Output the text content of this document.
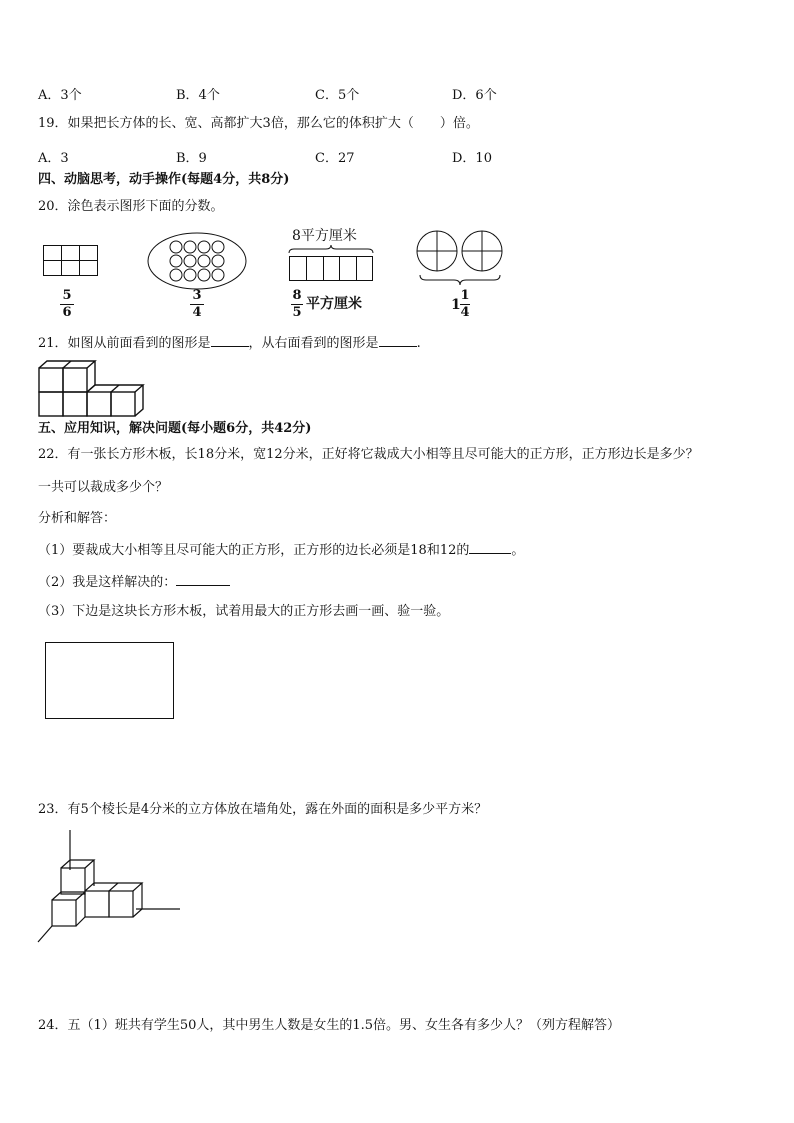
A．3个	B．4个	C．5个	D．6个
19．如果把长方体的长、宽、高都扩大3倍，那么它的体积扩大（　　）倍。
A．3	B．9	C．27	D．10
四、动脑思考，动手操作(每题4分，共8分)
20．涂色表示图形下面的分数。
5
6
3
4
8平方厘米
8
5
平方厘米	1
1
4
21．如图从前面看到的图形是	，从右面看到的图形是	.
五、应用知识，解决问题(每小题6分，共42分)
22．有一张长方形木板，长18分米，宽12分米，正好将它裁成大小相等且尽可能大的正方形，正方形边长是多少？
一共可以裁成多少个？
分析和解答：
（1）要裁成大小相等且尽可能大的正方形，正方形的边长必须是18和12的	。
（2）我是这样解决的：
（3）下边是这块长方形木板，试着用最大的正方形去画一画、验一验。
23．有5个棱长是4分米的立方体放在墙角处，露在外面的面积是多少平方米？
24．五（1）班共有学生50人，其中男生人数是女生的1.5倍。男、女生各有多少人？（列方程解答）
